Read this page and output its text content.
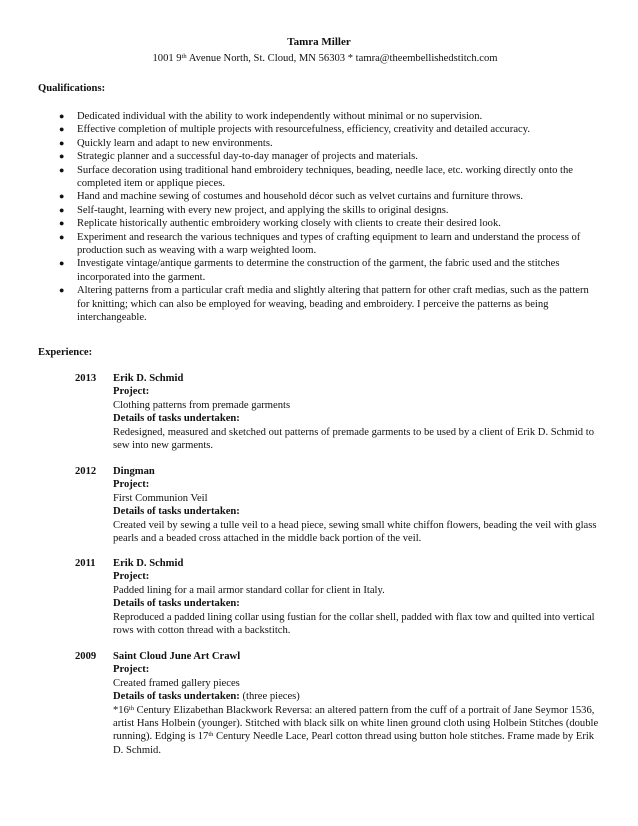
Tamra Miller
1001 9th Avenue North, St. Cloud, MN 56303 * tamra@theembellishedstitch.com
Qualifications:
● Dedicated individual with the ability to work independently without minimal or no supervision.
● Effective completion of multiple projects with resourcefulness, efficiency, creativity and detailed accuracy.
● Quickly learn and adapt to new environments.
● Strategic planner and a successful day-to-day manager of projects and materials.
● Surface decoration using traditional hand embroidery techniques, beading, needle lace, etc. working directly onto the completed item or applique pieces.
● Hand and machine sewing of costumes and household décor such as velvet curtains and furniture throws.
● Self-taught, learning with every new project, and applying the skills to original designs.
● Replicate historically authentic embroidery working closely with clients to create their desired look.
● Experiment and research the various techniques and types of crafting equipment to learn and understand the process of production such as weaving with a warp weighted loom.
● Investigate vintage/antique garments to determine the construction of the garment, the fabric used and the stitches incorporated into the garment.
● Altering patterns from a particular craft media and slightly altering that pattern for other craft medias, such as the pattern for knitting; which can also be employed for weaving, beading and embroidery. I perceive the patterns as being interchangeable.
Experience:
2013 Erik D. Schmid
Project:
Clothing patterns from premade garments
Details of tasks undertaken:
Redesigned, measured and sketched out patterns of premade garments to be used by a client of Erik D. Schmid to sew into new garments.
2012 Dingman
Project:
First Communion Veil
Details of tasks undertaken:
Created veil by sewing a tulle veil to a head piece, sewing small white chiffon flowers, beading the veil with glass pearls and a beaded cross attached in the middle back portion of the veil.
2011 Erik D. Schmid
Project:
Padded lining for a mail armor standard collar for client in Italy.
Details of tasks undertaken:
Reproduced a padded lining collar using fustian for the collar shell, padded with flax tow and quilted into vertical rows with cotton thread with a backstitch.
2009 Saint Cloud June Art Crawl
Project:
Created framed gallery pieces
Details of tasks undertaken: (three pieces)
*16th Century Elizabethan Blackwork Reversa: an altered pattern from the cuff of a portrait of Jane Seymor 1536, artist Hans Holbein (younger). Stitched with black silk on white linen ground cloth using Holbein Stitches (double running). Edging is 17th Century Needle Lace, Pearl cotton thread using button hole stitches. Frame made by Erik D. Schmid.
